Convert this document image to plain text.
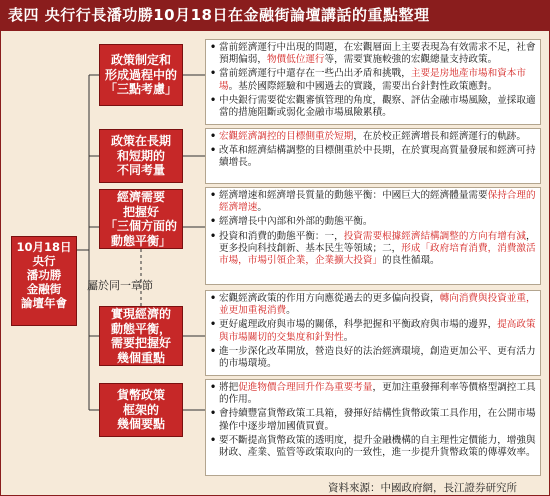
表四 央行行長潘功勝10月18日在金融街論壇講話的重點整理
10月18日
央行
潘功勝
金融街
論壇年會
屬於同一章節
政策制定和
形成過程中的
「三點考慮」
• 當前經濟運行中出現的問題，在宏觀層面上主要表現為有效需求不足，社會預期偏弱，物價低位運行等，需要實施較強的宏觀總量支持政策。
• 當前經濟運行中還存在一些凸出矛盾和挑戰，主要是房地產市場和資本市場。基於國際經驗和中國過去的實踐，需要出台針對性政策應對。
• 中央銀行需要從宏觀審慎管理的角度，觀察、評估金融市場風險，並採取適當的措施阻斷或弱化金融市場風險累積。
政策在長期
和短期的
不同考量
• 宏觀經濟調控的目標側重於短期，在於校正經濟增長和經濟運行的軌跡。
• 改革和經濟結構調整的目標側重於中長期，在於實現高質量發展和經濟可持續增長。
經濟需要
把握好
「三個方面的
動態平衡」
• 經濟增速和經濟增長質量的動態平衡：中國巨大的經濟體量需要保持合理的經濟增速。
• 經濟增長中內部和外部的動態平衡。
• 投資和消費的動態平衡：一，投資需要根據經濟結構調整的方向有增有減，更多投向科技創新、基本民生等領域；二，形成「政府培育消費，消費激活市場，市場引領企業，企業擴大投資」的良性循環。
實現經濟的
動態平衡，
需要把握好
幾個重點
• 宏觀經濟政策的作用方向應從過去的更多偏向投資，轉向消費與投資並重，並更加重視消費。
• 更好處理政府與市場的關係，科學把握和平衡政府與市場的邊界，提高政策與市場關切的交集度和針對性。
• 進一步深化改革開放，營造良好的法治經濟環境，創造更加公平、更有活力的市場環境。
貨幣政策
框架的
幾個要點
• 將把促進物價合理回升作為重要考量，更加注重發揮利率等價格型調控工具的作用。
• 會持續豐富貨幣政策工具箱，發揮好結構性貨幣政策工具作用，在公開市場操作中逐步增加國債買賣。
• 要不斷提高貨幣政策的透明度，提升金融機構的自主理性定價能力，增強與財政、產業、監管等政策取向的一致性，進一步提升貨幣政策的傳導效率。
資料來源：中國政府網，長江證券研究所
